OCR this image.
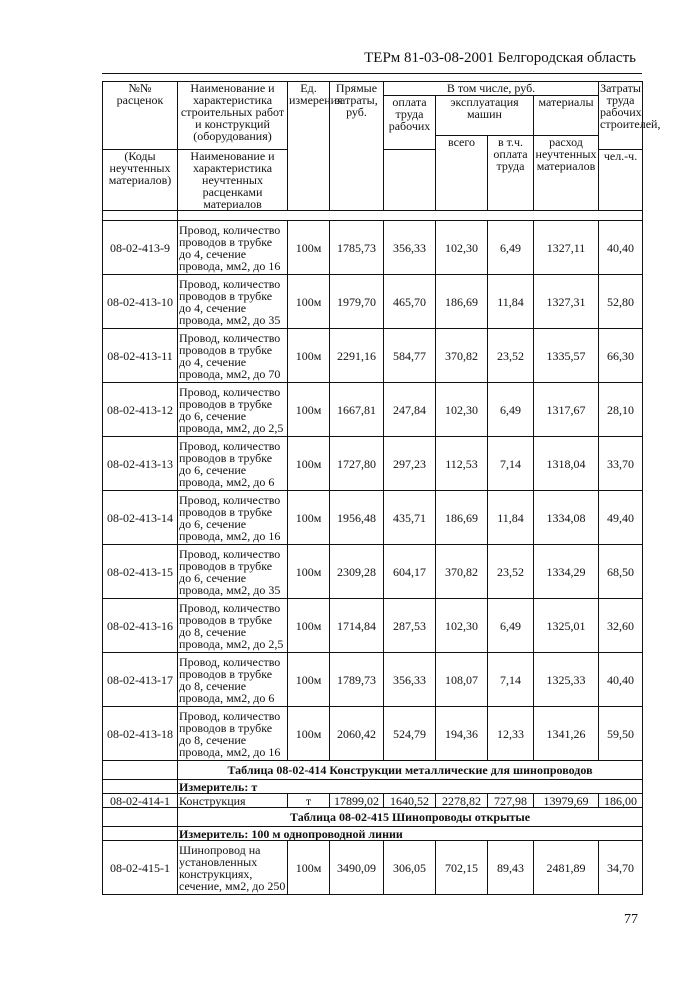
ТЕРм 81-03-08-2001 Белгородская область
№№ расценок	Наименование и характеристика строительных работ и конструкций (оборудования)	Ед. измерения	Прямые затраты, руб.	В том числе, руб.				Затраты труда рабочих строителей,
				оплата труда рабочих	эксплуатация машин		материалы	
					всего	в т.ч. оплата труда	расход неучтенных материалов	
(Коды неучтенных материалов)	Наименование и характеристика неучтенных расценками материалов							чел.-ч.

08-02-413-9	Провод, количество проводов в трубке до 4, сечение провода, мм2, до 16	100м	1785,73	356,33	102,30	6,49	1327,11	40,40
08-02-413-10	Провод, количество проводов в трубке до 4, сечение провода, мм2, до 35	100м	1979,70	465,70	186,69	11,84	1327,31	52,80
08-02-413-11	Провод, количество проводов в трубке до 4, сечение провода, мм2, до 70	100м	2291,16	584,77	370,82	23,52	1335,57	66,30
08-02-413-12	Провод, количество проводов в трубке до 6, сечение провода, мм2, до 2,5	100м	1667,81	247,84	102,30	6,49	1317,67	28,10
08-02-413-13	Провод, количество проводов в трубке до 6, сечение провода, мм2, до 6	100м	1727,80	297,23	112,53	7,14	1318,04	33,70
08-02-413-14	Провод, количество проводов в трубке до 6, сечение провода, мм2, до 16	100м	1956,48	435,71	186,69	11,84	1334,08	49,40
08-02-413-15	Провод, количество проводов в трубке до 6, сечение провода, мм2, до 35	100м	2309,28	604,17	370,82	23,52	1334,29	68,50
08-02-413-16	Провод, количество проводов в трубке до 8, сечение провода, мм2, до 2,5	100м	1714,84	287,53	102,30	6,49	1325,01	32,60
08-02-413-17	Провод, количество проводов в трубке до 8, сечение провода, мм2, до 6	100м	1789,73	356,33	108,07	7,14	1325,33	40,40
08-02-413-18	Провод, количество проводов в трубке до 8, сечение провода, мм2, до 16	100м	2060,42	524,79	194,36	12,33	1341,26	59,50
	Таблица 08-02-414 Конструкции металлические для шинопроводов							
	Измеритель: т							
08-02-414-1	Конструкция	т	17899,02	1640,52	2278,82	727,98	13979,69	186,00
	Таблица 08-02-415 Шинопроводы открытые							
	Измеритель: 100 м однопроводной линии							
08-02-415-1	Шинопровод на установленных конструкциях, сечение, мм2, до 250	100м	3490,09	306,05	702,15	89,43	2481,89	34,70
77
